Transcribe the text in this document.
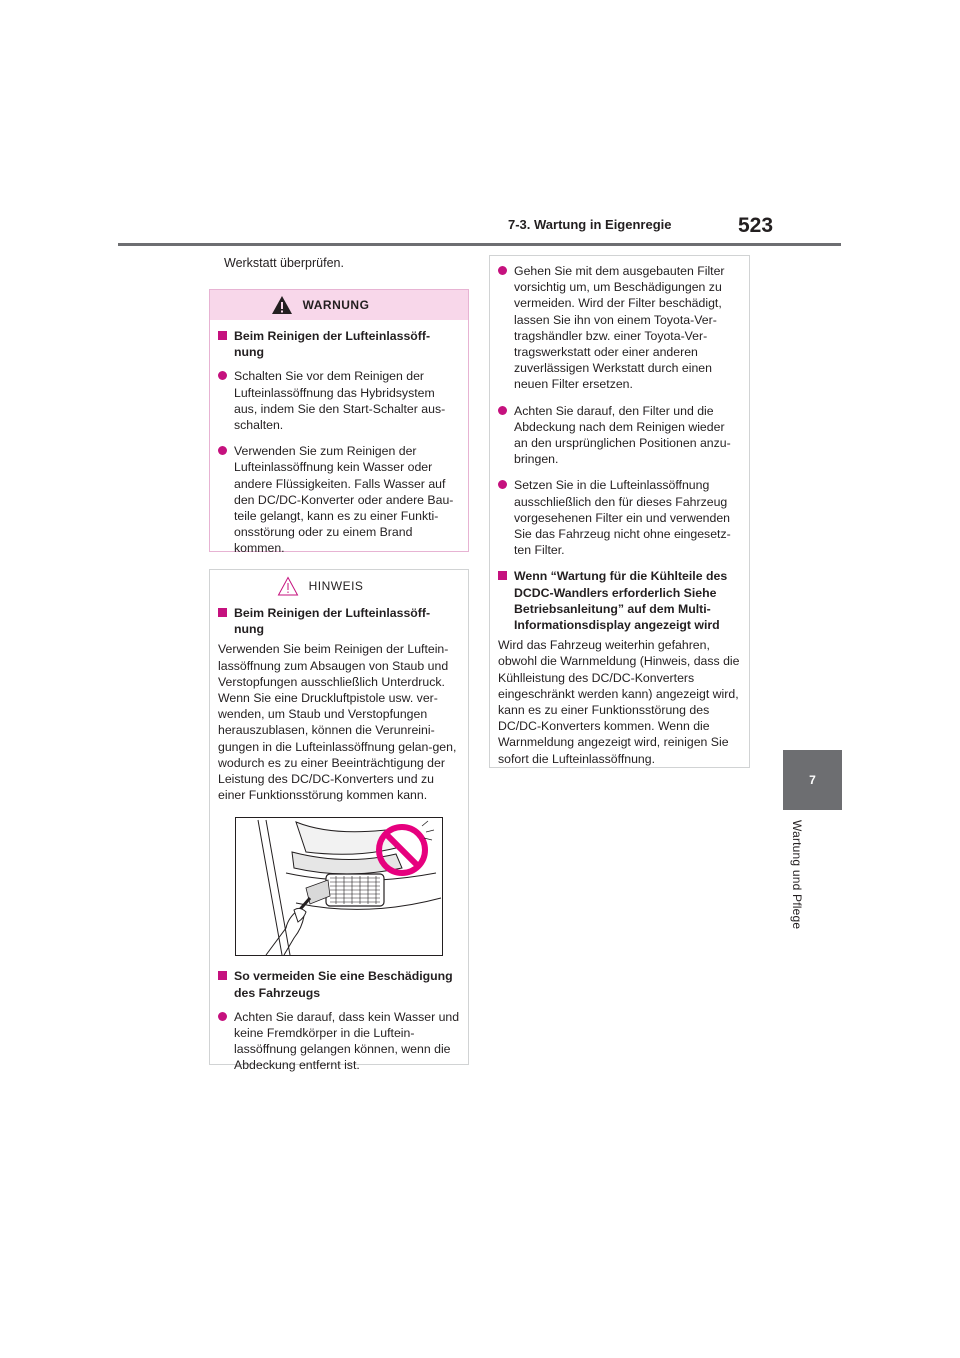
7-3. Wartung in Eigenregie	523
7
Wartung und Pflege
Werkstatt überprüfen.
WARNUNG

Beim Reinigen der Lufteinlassöff-nung

Schalten Sie vor dem Reinigen der Lufteinlassöffnung das Hybridsystem aus, indem Sie den Start-Schalter aus-schalten.

Verwenden Sie zum Reinigen der Lufteinlassöffnung kein Wasser oder andere Flüssigkeiten. Falls Wasser auf den DC/DC-Konverter oder andere Bau-teile gelangt, kann es zu einer Funkti-onsstörung oder zu einem Brand kommen.

HINWEIS

Beim Reinigen der Lufteinlassöff-nung

Verwenden Sie beim Reinigen der Luftein-lassöffnung zum Absaugen von Staub und Verstopfungen ausschließlich Unterdruck. Wenn Sie eine Druckluftpistole usw. ver-wenden, um Staub und Verstopfungen herauszublasen, können die Verunreini-gungen in die Lufteinlassöffnung gelan-gen, wodurch es zu einer Beeinträchtigung der Leistung des DC/DC-Konverters und zu einer Funktionsstörung kommen kann.

So vermeiden Sie eine Beschädigung des Fahrzeugs

Achten Sie darauf, dass kein Wasser und keine Fremdkörper in die Luftein-lassöffnung gelangen können, wenn die Abdeckung entfernt ist.

Gehen Sie mit dem ausgebauten Filter vorsichtig um, um Beschädigungen zu vermeiden. Wird der Filter beschädigt, lassen Sie ihn von einem Toyota-Ver-tragshändler bzw. einer Toyota-Ver-tragswerkstatt oder einer anderen zuverlässigen Werkstatt durch einen neuen Filter ersetzen.

Achten Sie darauf, den Filter und die Abdeckung nach dem Reinigen wieder an den ursprünglichen Positionen anzu-bringen.

Setzen Sie in die Lufteinlassöffnung ausschließlich den für dieses Fahrzeug vorgesehenen Filter ein und verwenden Sie das Fahrzeug nicht ohne eingesetz-ten Filter.

Wenn “Wartung für die Kühlteile des DCDC-Wandlers erforderlich Siehe Betriebsanleitung” auf dem Multi-Informationsdisplay angezeigt wird

Wird das Fahrzeug weiterhin gefahren, obwohl die Warnmeldung (Hinweis, dass die Kühlleistung des DC/DC-Konverters eingeschränkt werden kann) angezeigt wird, kann es zu einer Funktionsstörung des DC/DC-Konverters kommen. Wenn die Warnmeldung angezeigt wird, reinigen Sie sofort die Lufteinlassöffnung.
